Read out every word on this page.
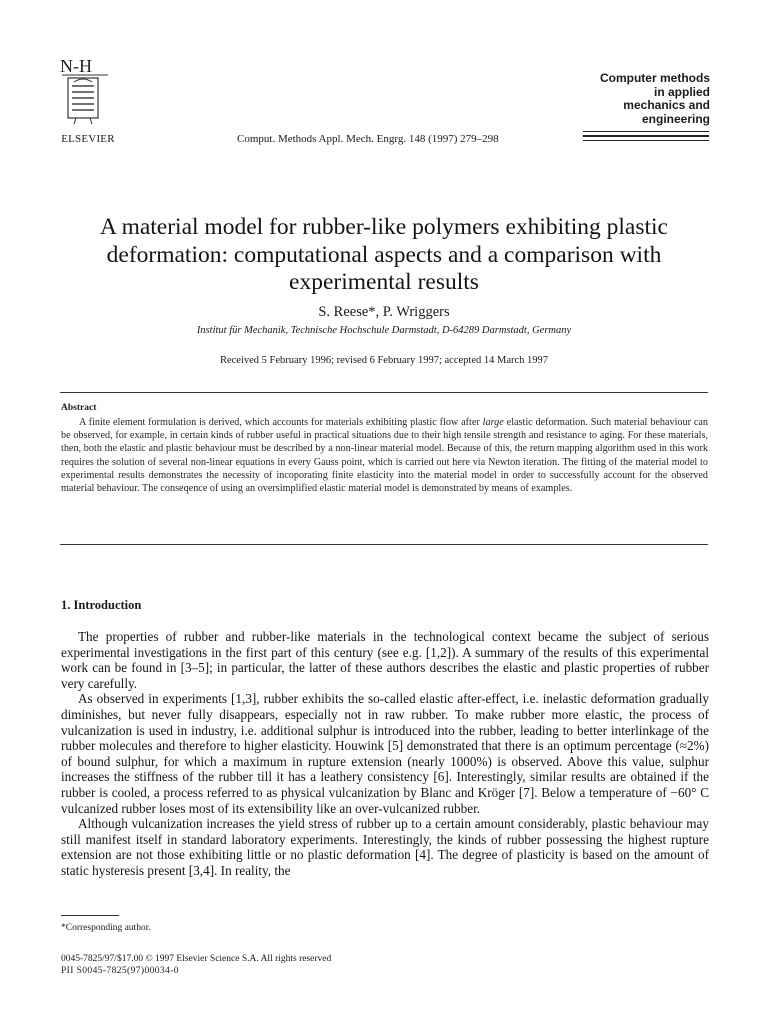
N-H
ELSEVIER	Comput. Methods Appl. Mech. Engrg. 148 (1997) 279–298
Computer methods
in applied
mechanics and
engineering
A material model for rubber-like polymers exhibiting plastic deformation: computational aspects and a comparison with experimental results
S. Reese*, P. Wriggers
Institut für Mechanik, Technische Hochschule Darmstadt, D-64289 Darmstadt, Germany
Received 5 February 1996; revised 6 February 1997; accepted 14 March 1997
Abstract
A finite element formulation is derived, which accounts for materials exhibiting plastic flow after large elastic deformation. Such material behaviour can be observed, for example, in certain kinds of rubber useful in practical situations due to their high tensile strength and resistance to aging. For these materials, then, both the elastic and plastic behaviour must be described by a non-linear material model. Because of this, the return mapping algorithm used in this work requires the solution of several non-linear equations in every Gauss point, which is carried out here via Newton iteration. The fitting of the material model to experimental results demonstrates the necessity of incoporating finite elasticity into the material model in order to successfully account for the observed material behaviour. The conseqence of using an oversimplified elastic material model is demonstrated by means of examples.
1. Introduction

The properties of rubber and rubber-like materials in the technological context became the subject of serious experimental investigations in the first part of this century (see e.g. [1,2]). A summary of the results of this experimental work can be found in [3–5]; in particular, the latter of these authors describes the elastic and plastic properties of rubber very carefully.

As observed in experiments [1,3], rubber exhibits the so-called elastic after-effect, i.e. inelastic deformation gradually diminishes, but never fully disappears, especially not in raw rubber. To make rubber more elastic, the process of vulcanization is used in industry, i.e. additional sulphur is introduced into the rubber, leading to better interlinkage of the rubber molecules and therefore to higher elasticity. Houwink [5] demonstrated that there is an optimum percentage (≈2%) of bound sulphur, for which a maximum in rupture extension (nearly 1000%) is observed. Above this value, sulphur increases the stiffness of the rubber till it has a leathery consistency [6]. Interestingly, similar results are obtained if the rubber is cooled, a process referred to as physical vulcanization by Blanc and Kröger [7]. Below a temperature of −60° C vulcanized rubber loses most of its extensibility like an over-vulcanized rubber.

Although vulcanization increases the yield stress of rubber up to a certain amount considerably, plastic behaviour may still manifest itself in standard laboratory experiments. Interestingly, the kinds of rubber possessing the highest rupture extension are not those exhibiting little or no plastic deformation [4]. The degree of plasticity is based on the amount of static hysteresis present [3,4]. In reality, the

*Corresponding author.
0045-7825/97/$17.00 © 1997 Elsevier Science S.A. All rights reserved
PII S0045-7825(97)00034-0
